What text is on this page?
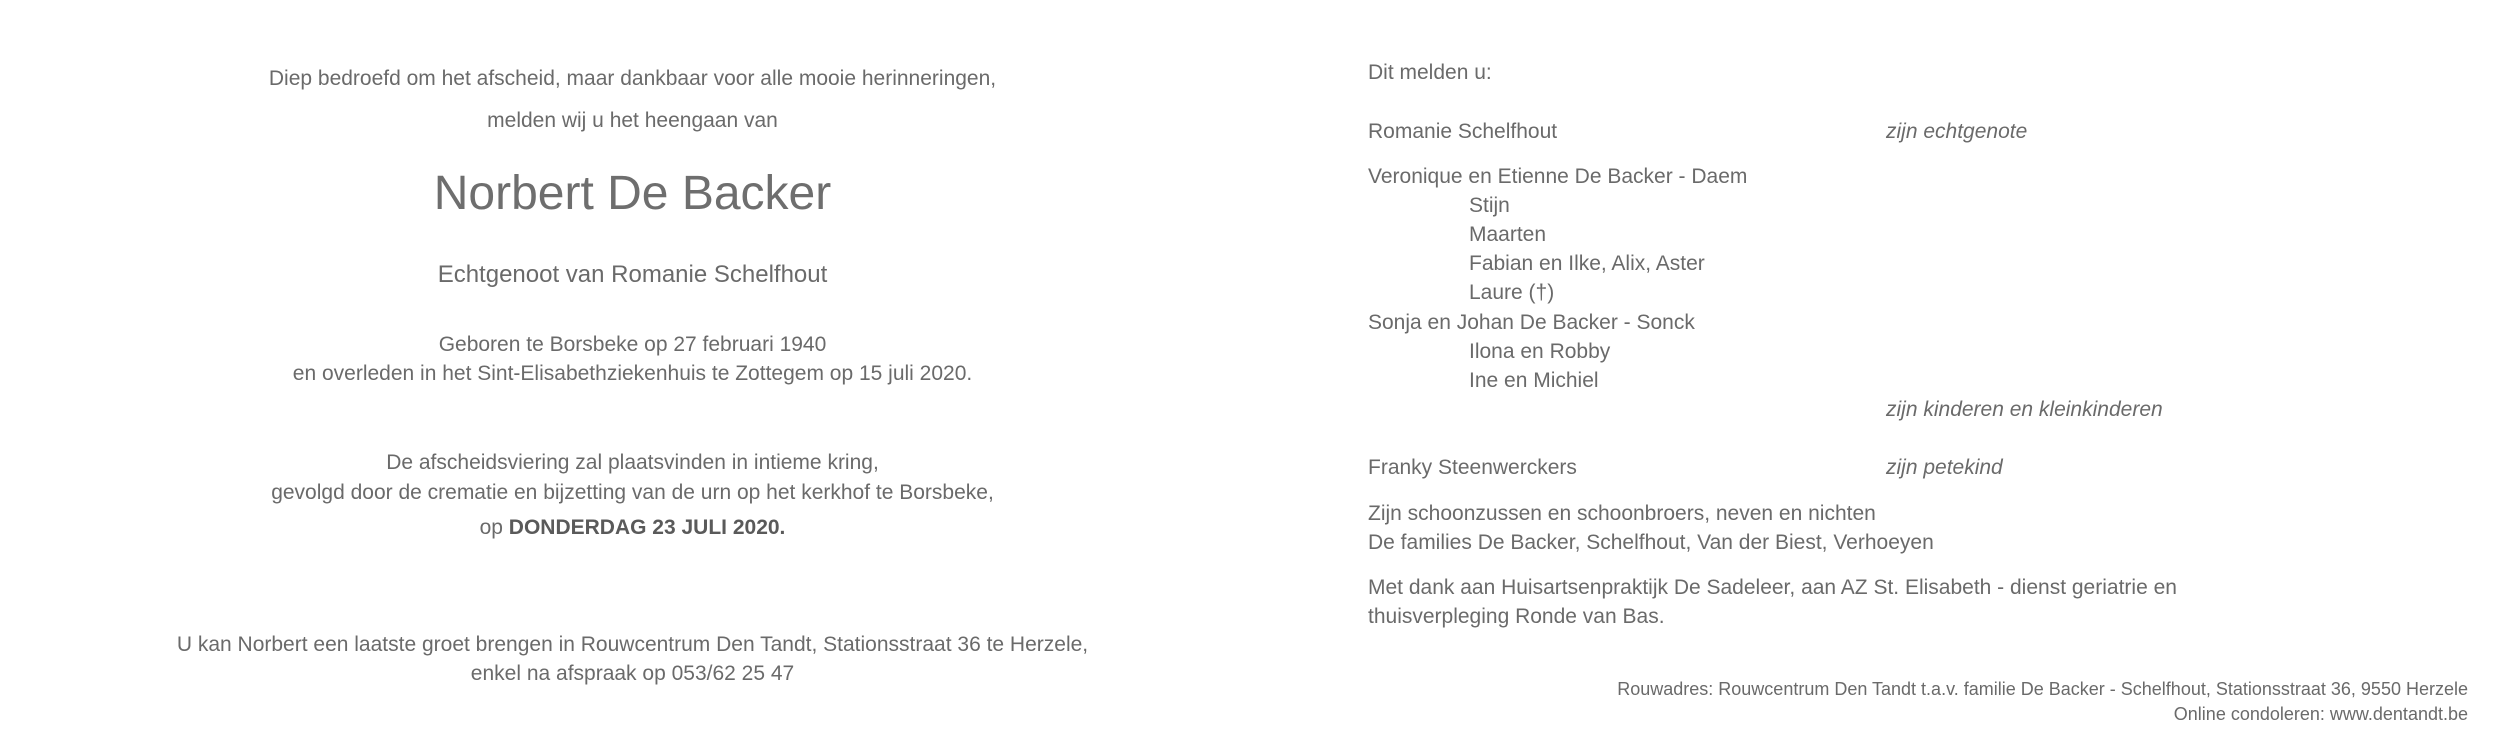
Diep bedroefd om het afscheid, maar dankbaar voor alle mooie herinneringen,
melden wij u het heengaan van
Norbert De Backer
Echtgenoot van Romanie Schelfhout
Geboren te Borsbeke op 27 februari 1940
en overleden in het Sint-Elisabethziekenhuis te Zottegem op 15 juli 2020.
De afscheidsviering zal plaatsvinden in intieme kring,
gevolgd door de crematie en bijzetting van de urn op het kerkhof te Borsbeke,
op DONDERDAG 23 JULI 2020.
U kan Norbert een laatste groet brengen in Rouwcentrum Den Tandt, Stationsstraat 36 te Herzele,
enkel na afspraak op 053/62 25 47
Dit melden u:
Romanie Schelfhout	zijn echtgenote
Veronique en Etienne De Backer - Daem
Stijn
Maarten
Fabian en Ilke, Alix, Aster
Laure (†)
Sonja en Johan De Backer - Sonck
Ilona en Robby
Ine en Michiel
zijn kinderen en kleinkinderen
Franky Steenwerckers	zijn petekind
Zijn schoonzussen en schoonbroers, neven en nichten
De families De Backer, Schelfhout, Van der Biest, Verhoeyen
Met dank aan Huisartsenpraktijk De Sadeleer, aan AZ St. Elisabeth - dienst geriatrie en
thuisverpleging Ronde van Bas.
Rouwadres: Rouwcentrum Den Tandt t.a.v. familie De Backer - Schelfhout, Stationsstraat 36, 9550 Herzele
Online condoleren: www.dentandt.be
